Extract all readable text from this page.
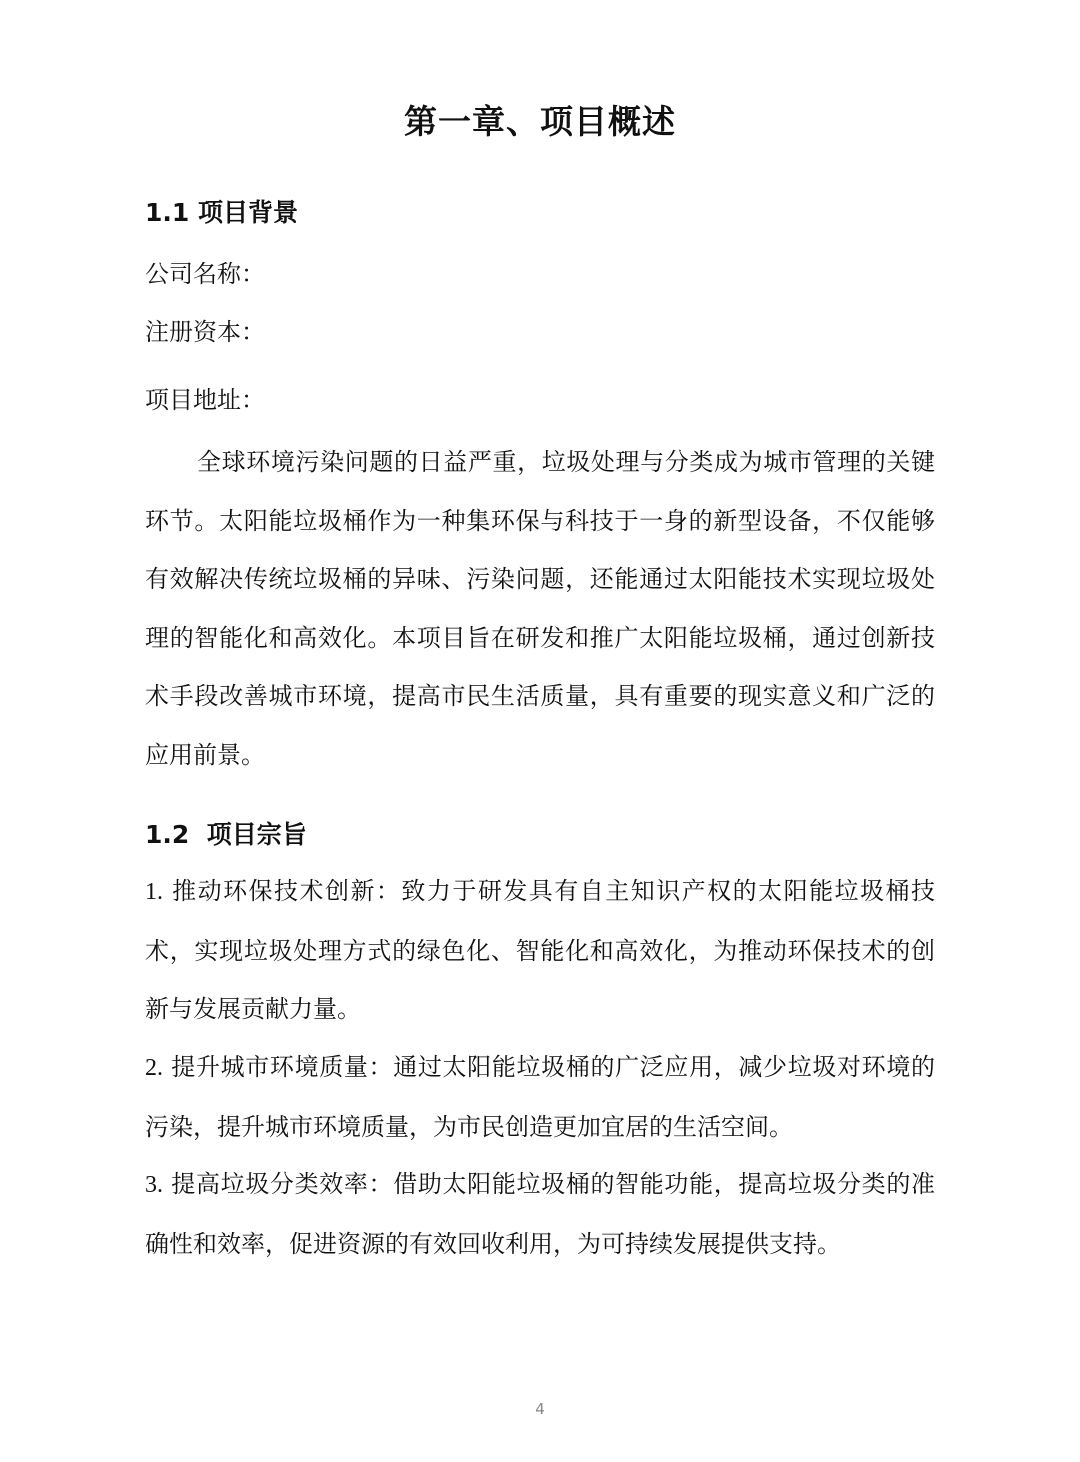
第一章、项目概述
1.1 项目背景

公司名称：

注册资本：

项目地址：

全球环境污染问题的日益严重，垃圾处理与分类成为城市管理的关键环节。太阳能垃圾桶作为一种集环保与科技于一身的新型设备，不仅能够有效解决传统垃圾桶的异味、污染问题，还能通过太阳能技术实现垃圾处理的智能化和高效化。本项目旨在研发和推广太阳能垃圾桶，通过创新技术手段改善城市环境，提高市民生活质量，具有重要的现实意义和广泛的应用前景。

1.2  项目宗旨

1. 推动环保技术创新：致力于研发具有自主知识产权的太阳能垃圾桶技术，实现垃圾处理方式的绿色化、智能化和高效化，为推动环保技术的创新与发展贡献力量。

2. 提升城市环境质量：通过太阳能垃圾桶的广泛应用，减少垃圾对环境的污染，提升城市环境质量，为市民创造更加宜居的生活空间。

3. 提高垃圾分类效率：借助太阳能垃圾桶的智能功能，提高垃圾分类的准确性和效率，促进资源的有效回收利用，为可持续发展提供支持。

4
